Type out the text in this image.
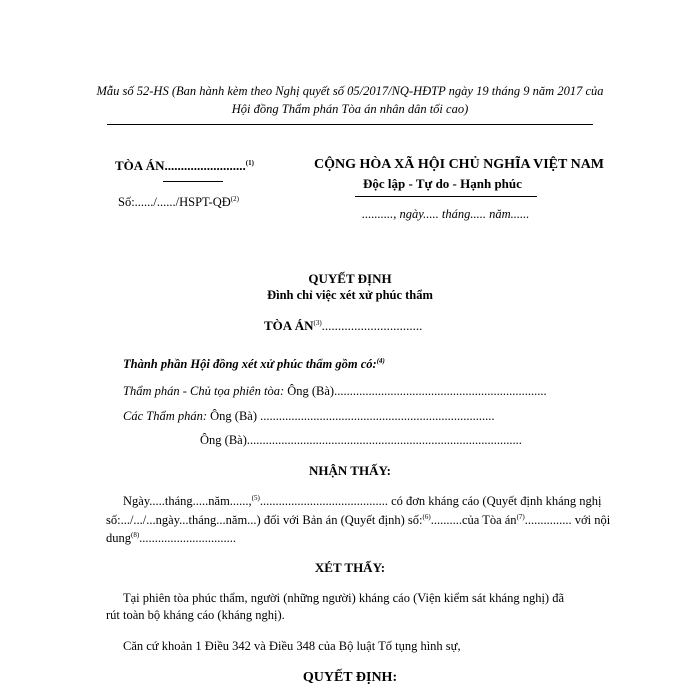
Mẫu số 52-HS (Ban hành kèm theo Nghị quyết số 05/2017/NQ-HĐTP ngày 19 tháng 9 năm 2017 của
Hội đồng Thẩm phán Tòa án nhân dân tối cao)
TÒA ÁN.........................$^{(1)}$
Số:....../....../HSPT-QĐ$^{(2)}$
CỘNG HÒA XÃ HỘI CHỦ NGHĨA VIỆT NAM
Độc lập - Tự do - Hạnh phúc
.........., ngày..... tháng..... năm......
QUYẾT ĐỊNH
Đình chỉ việc xét xử phúc thẩm
TÒA ÁN$^{(3)}$...............................
Thành phần Hội đồng xét xử phúc thẩm gồm có:$^{(4)}$
Thẩm phán - Chủ tọa phiên tòa: Ông (Bà)....................................................................
Các Thẩm phán: Ông (Bà) ...........................................................................
Ông (Bà)........................................................................................
NHẬN THẤY:
Ngày.....tháng.....năm......,$^{(5)}$......................................... có đơn kháng cáo (Quyết định kháng nghị
số:.../.../...ngày...tháng...năm...) đối với Bản án (Quyết định) số:$^{(6)}$..........của Tòa $án^{(7)}$............... với nội
dung$^{(8)}$...............................
XÉT THẤY:
Tại phiên tòa phúc thẩm, người (những người) kháng cáo (Viện kiểm sát kháng nghị) đã
rút toàn bộ kháng cáo (kháng nghị).
Căn cứ khoản 1 Điều 342 và Điều 348 của Bộ luật Tố tụng hình sự,
QUYẾT ĐỊNH:
